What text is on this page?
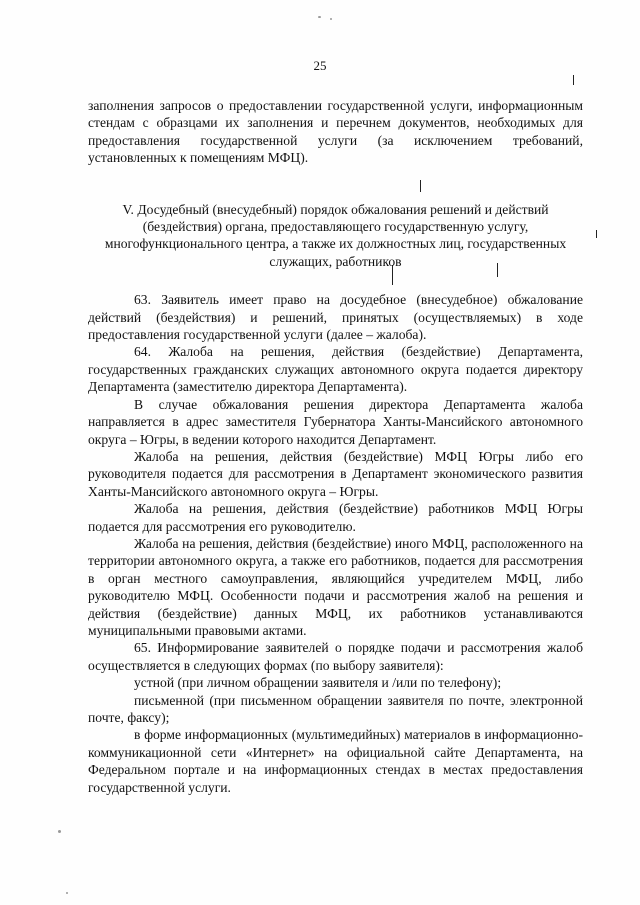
25

заполнения запросов о предоставлении государственной услуги, информационным стендам с образцами их заполнения и перечнем документов, необходимых для предоставления государственной услуги (за исключением требований, установленных к помещениям МФЦ).

V. Досудебный (внесудебный) порядок обжалования решений и действий (бездействия) органа, предоставляющего государственную услугу, многофункционального центра, а также их должностных лиц, государственных служащих, работников

63. Заявитель имеет право на досудебное (внесудебное) обжалование действий (бездействия) и решений, принятых (осуществляемых) в ходе предоставления государственной услуги (далее – жалоба).

64. Жалоба на решения, действия (бездействие) Департамента, государственных гражданских служащих автономного округа подается директору Департамента (заместителю директора Департамента).

В случае обжалования решения директора Департамента жалоба направляется в адрес заместителя Губернатора Ханты-Мансийского автономного округа – Югры, в ведении которого находится Департамент.

Жалоба на решения, действия (бездействие) МФЦ Югры либо его руководителя подается для рассмотрения в Департамент экономического развития Ханты-Мансийского автономного округа – Югры.

Жалоба на решения, действия (бездействие) работников МФЦ Югры подается для рассмотрения его руководителю.

Жалоба на решения, действия (бездействие) иного МФЦ, расположенного на территории автономного округа, а также его работников, подается для рассмотрения в орган местного самоуправления, являющийся учредителем МФЦ, либо руководителю МФЦ. Особенности подачи и рассмотрения жалоб на решения и действия (бездействие) данных МФЦ, их работников устанавливаются муниципальными правовыми актами.

65. Информирование заявителей о порядке подачи и рассмотрения жалоб осуществляется в следующих формах (по выбору заявителя):

устной (при личном обращении заявителя и /или по телефону);

письменной (при письменном обращении заявителя по почте, электронной почте, факсу);

в форме информационных (мультимедийных) материалов в информационно-коммуникационной сети «Интернет» на официальной сайте Департамента, на Федеральном портале и на информационных стендах в местах предоставления государственной услуги.
